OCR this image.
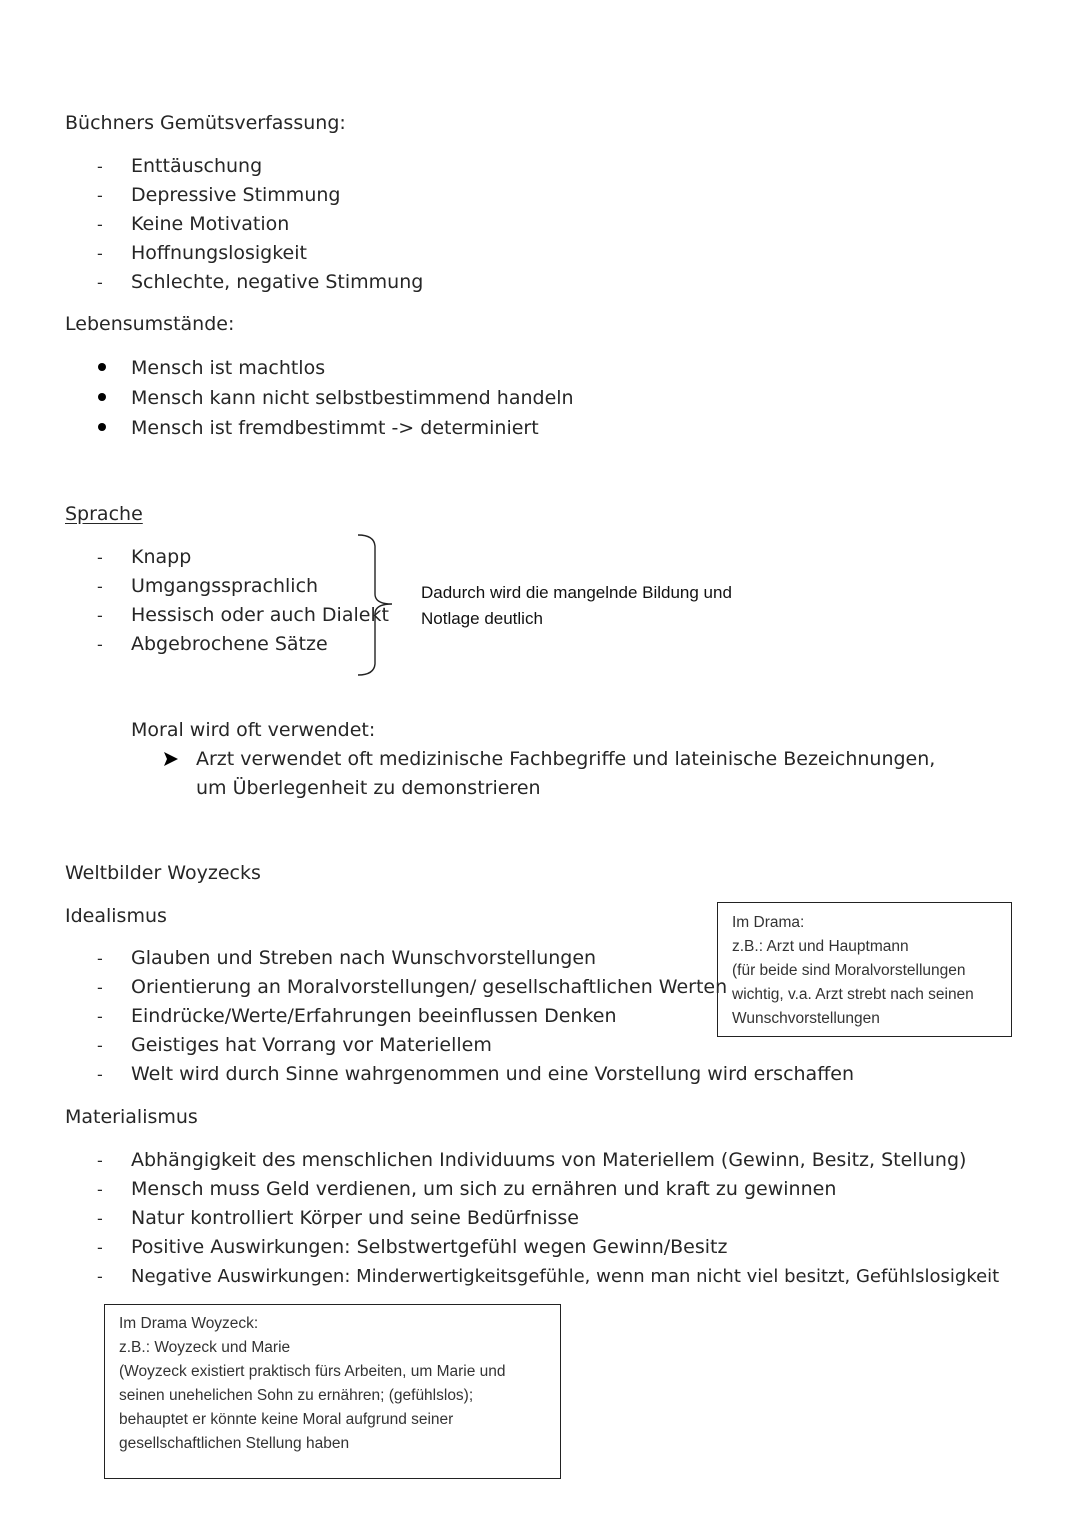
Büchners Gemütsverfassung:
-	Enttäuschung
-	Depressive Stimmung
-	Keine Motivation
-	Hoffnungslosigkeit
-	Schlechte, negative Stimmung
Lebensumstände:
Mensch ist machtlos
Mensch kann nicht selbstbestimmend handeln
Mensch ist fremdbestimmt -> determiniert
Sprache
-	Knapp
-	Umgangssprachlich
-	Hessisch oder auch Dialekt
-	Abgebrochene Sätze

Dadurch wird die mangelnde Bildung und

Notlage deutlich

Moral wird oft verwendet:
Arzt verwendet oft medizinische Fachbegriffe und lateinische Bezeichnungen, um Überlegenheit zu demonstrieren
Weltbilder Woyzecks
Idealismus	Im Drama:

z.B.: Arzt und Hauptmann

(für beide sind Moralvorstellungen

wichtig, v.a. Arzt strebt nach seinen

Wunschvorstellungen

-	Glauben und Streben nach Wunschvorstellungen
-	Orientierung an Moralvorstellungen/ gesellschaftlichen Werten
-	Eindrücke/Werte/Erfahrungen beeinflussen Denken
-	Geistiges hat Vorrang vor Materiellem
-	Welt wird durch Sinne wahrgenommen und eine Vorstellung wird erschaffen
Materialismus
-	Abhängigkeit des menschlichen Individuums von Materiellem (Gewinn, Besitz, Stellung)
-	Mensch muss Geld verdienen, um sich zu ernähren und kraft zu gewinnen
-	Natur kontrolliert Körper und seine Bedürfnisse
-	Positive Auswirkungen: Selbstwertgefühl wegen Gewinn/Besitz
-	Negative Auswirkungen: Minderwertigkeitsgefühle, wenn man nicht viel besitzt, Gefühlslosigkeit

Im Drama Woyzeck:

z.B.: Woyzeck und Marie

(Woyzeck existiert praktisch fürs Arbeiten, um Marie und

seinen unehelichen Sohn zu ernähren; (gefühlslos);

behauptet er könnte keine Moral aufgrund seiner

gesellschaftlichen Stellung haben
